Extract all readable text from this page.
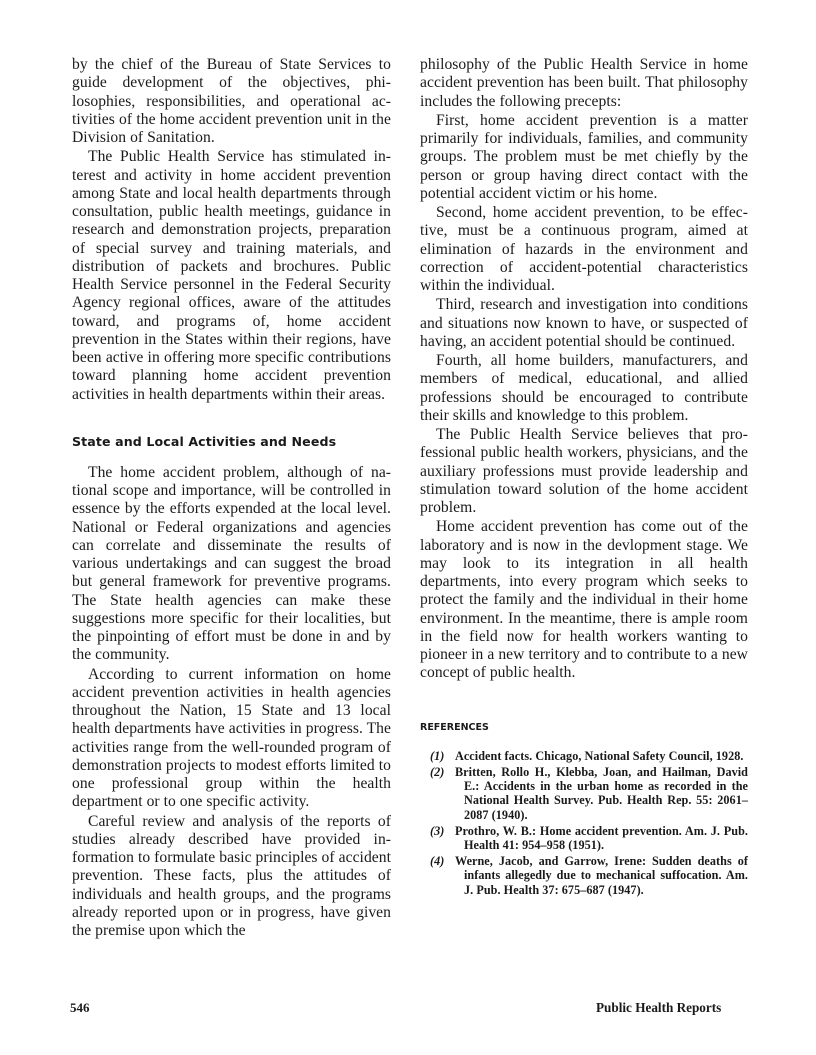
by the chief of the Bureau of State Services to guide development of the objectives, philosophies, responsibilities, and operational activities of the home accident prevention unit in the Division of Sanitation.

The Public Health Service has stimulated interest and activity in home accident prevention among State and local health departments through consultation, public health meetings, guidance in research and demonstration projects, preparation of special survey and training materials, and distribution of packets and brochures. Public Health Service personnel in the Federal Security Agency regional offices, aware of the attitudes toward, and programs of, home accident prevention in the States within their regions, have been active in offering more specific contributions toward planning home accident prevention activities in health departments within their areas.

State and Local Activities and Needs

The home accident problem, although of national scope and importance, will be controlled in essence by the efforts expended at the local level. National or Federal organizations and agencies can correlate and disseminate the results of various undertakings and can suggest the broad but general framework for preventive programs. The State health agencies can make these suggestions more specific for their localities, but the pinpointing of effort must be done in and by the community.

According to current information on home accident prevention activities in health agencies throughout the Nation, 15 State and 13 local health departments have activities in progress. The activities range from the well-rounded program of demonstration projects to modest efforts limited to one professional group within the health department or to one specific activity.

Careful review and analysis of the reports of studies already described have provided information to formulate basic principles of accident prevention. These facts, plus the attitudes of individuals and health groups, and the programs already reported upon or in progress, have given the premise upon which the

philosophy of the Public Health Service in home accident prevention has been built. That philosophy includes the following precepts:

First, home accident prevention is a matter primarily for individuals, families, and community groups. The problem must be met chiefly by the person or group having direct contact with the potential accident victim or his home.

Second, home accident prevention, to be effective, must be a continuous program, aimed at elimination of hazards in the environment and correction of accident-potential characteristics within the individual.

Third, research and investigation into conditions and situations now known to have, or suspected of having, an accident potential should be continued.

Fourth, all home builders, manufacturers, and members of medical, educational, and allied professions should be encouraged to contribute their skills and knowledge to this problem.

The Public Health Service believes that professional public health workers, physicians, and the auxiliary professions must provide leadership and stimulation toward solution of the home accident problem.

Home accident prevention has come out of the laboratory and is now in the devlopment stage. We may look to its integration in all health departments, into every program which seeks to protect the family and the individual in their home environment. In the meantime, there is ample room in the field now for health workers wanting to pioneer in a new territory and to contribute to a new concept of public health.

REFERENCES
(1) Accident facts. Chicago, National Safety Council, 1928.
(2) Britten, Rollo H., Klebba, Joan, and Hailman, David E.: Accidents in the urban home as recorded in the National Health Survey. Pub. Health Rep. 55: 2061–2087 (1940).
(3) Prothro, W. B.: Home accident prevention. Am. J. Pub. Health 41: 954–958 (1951).
(4) Werne, Jacob, and Garrow, Irene: Sudden deaths of infants allegedly due to mechanical suffocation. Am. J. Pub. Health 37: 675–687 (1947).
546	Public Health Reports
